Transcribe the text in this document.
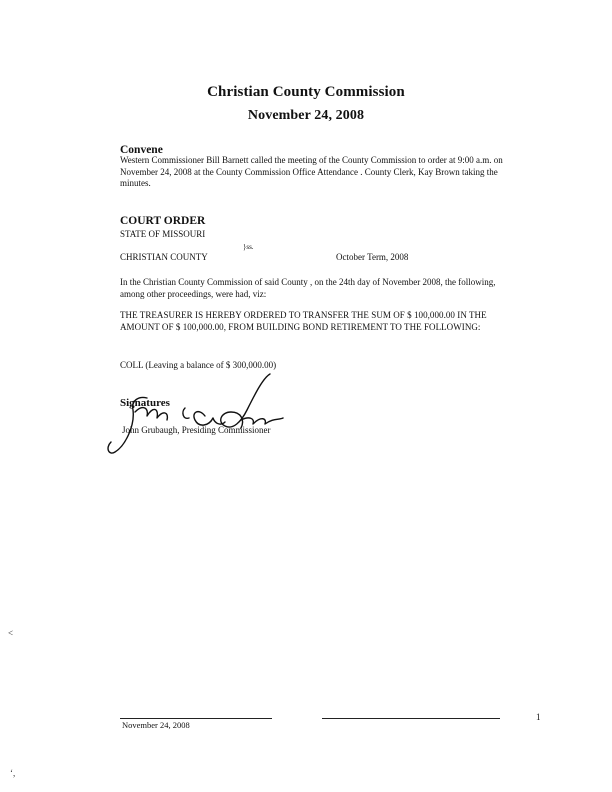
Christian County Commission
November 24, 2008
Convene
Western Commissioner Bill Barnett called the meeting of the County Commission to order at 9:00 a.m. on
November 24, 2008 at the County Commission Office Attendance . County Clerk, Kay Brown taking the
minutes.
COURT ORDER
STATE OF MISSOURI
}ss.
CHRISTIAN COUNTY	October Term, 2008
In the Christian County Commission of said County , on the 24th day of November 2008, the following,
among other proceedings, were had, viz:
THE TREASURER IS HEREBY ORDERED TO TRANSFER THE SUM OF $ 100,000.00 IN THE
AMOUNT OF $ 100,000.00, FROM BUILDING BOND RETIREMENT TO THE FOLLOWING:
COLL (Leaving a balance of $ 300,000.00)
Signatures
John Grubaugh, Presiding Commissioner
November 24, 2008
1
<
‘,
